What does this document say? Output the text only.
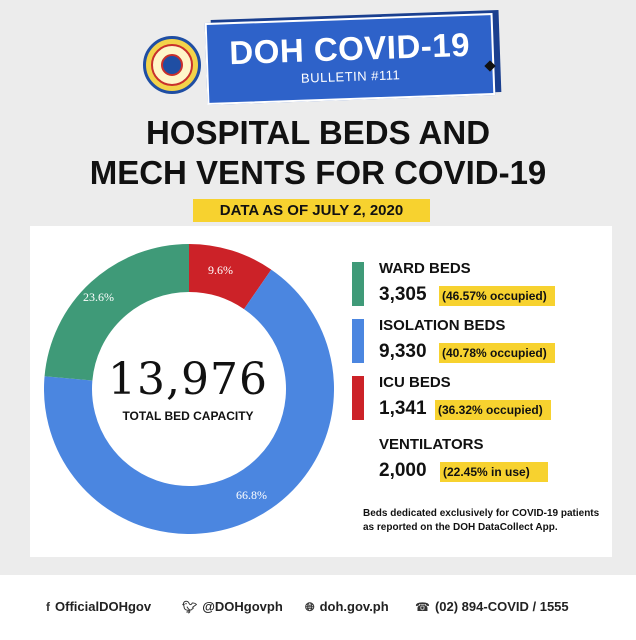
DOH COVID-19
BULLETIN #111
HOSPITAL BEDS AND
MECH VENTS FOR COVID-19
DATA AS OF JULY 2, 2020
13,976
TOTAL BED CAPACITY
23.6%
9.6%
66.8%
WARD BEDS
3,305 (46.57% occupied)
ISOLATION BEDS
9,330 (40.78% occupied)
ICU BEDS
1,341 (36.32% occupied)
VENTILATORS
2,000 (22.45% in use)
Beds dedicated exclusively for COVID-19 patients as reported on the DOH DataCollect App.
f OfficialDOHgov	🐦︎ @DOHgovph 🌐︎ doh.gov.ph ☎ (02) 894-COVID / 1555
